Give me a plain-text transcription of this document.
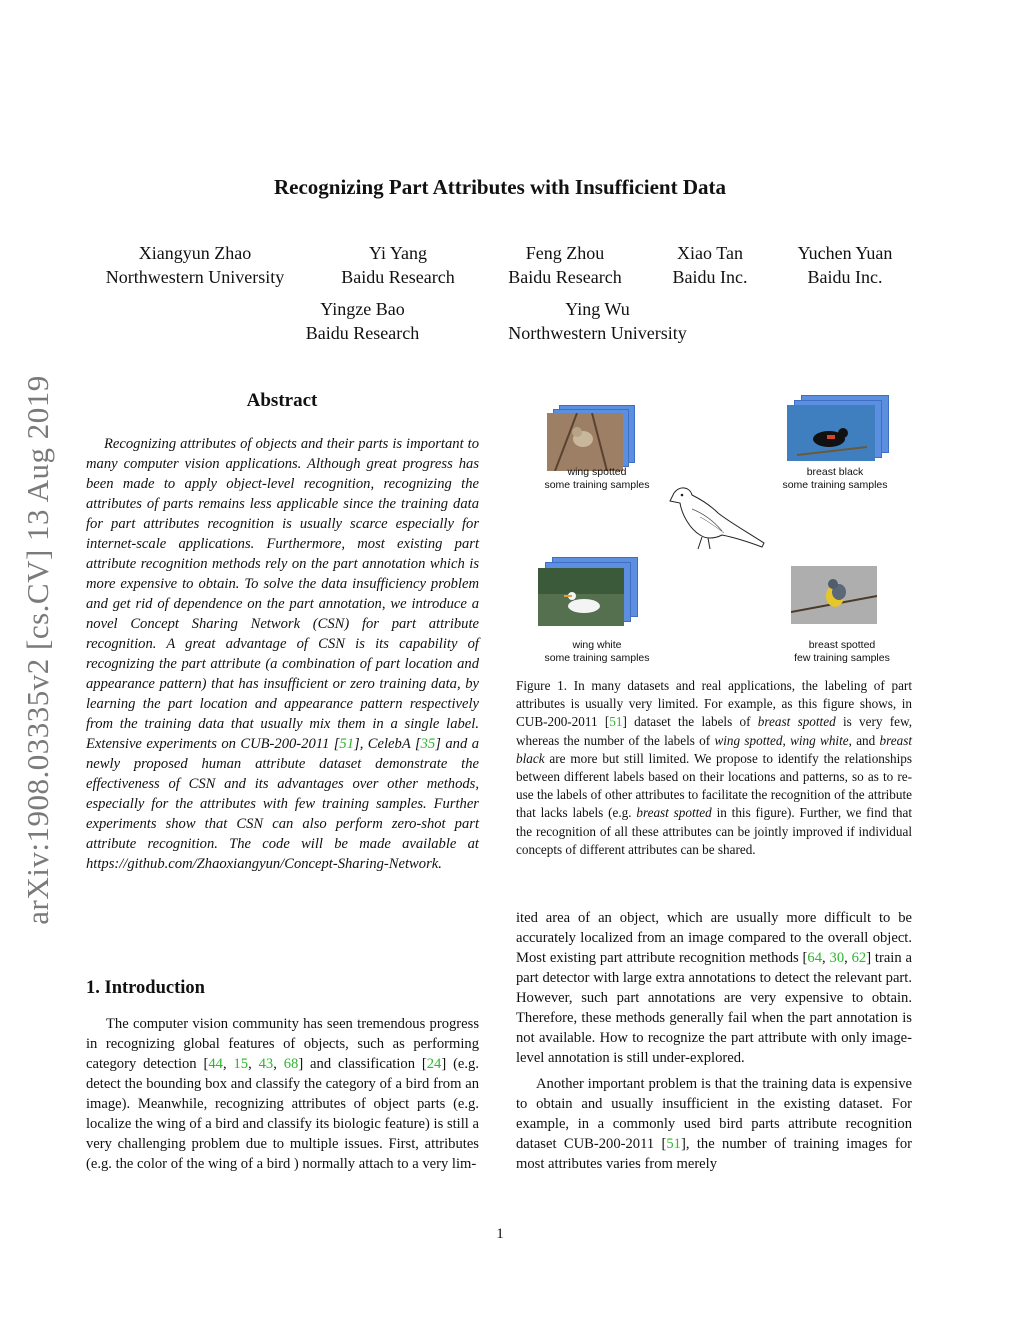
arXiv:1908.03335v2 [cs.CV] 13 Aug 2019
Recognizing Part Attributes with Insufficient Data
Xiangyun Zhao
Northwestern University
Yi Yang
Baidu Research
Feng Zhou
Baidu Research
Xiao Tan
Baidu Inc.
Yuchen Yuan
Baidu Inc.
Yingze Bao
Baidu Research
Ying Wu
Northwestern University
Abstract

Recognizing attributes of objects and their parts is important to many computer vision applications. Although great progress has been made to apply object-level recognition, recognizing the attributes of parts remains less applicable since the training data for part attributes recognition is usually scarce especially for internet-scale applications. Furthermore, most existing part attribute recognition methods rely on the part annotation which is more expensive to obtain. To solve the data insufficiency problem and get rid of dependence on the part annotation, we introduce a novel Concept Sharing Network (CSN) for part attribute recognition. A great advantage of CSN is its capability of recognizing the part attribute (a combination of part location and appearance pattern) that has insufficient or zero training data, by learning the part location and appearance pattern respectively from the training data that usually mix them in a single label. Extensive experiments on CUB-200-2011 [51], CelebA [35] and a newly proposed human attribute dataset demonstrate the effectiveness of CSN and its advantages over other methods, especially for the attributes with few training samples. Further experiments show that CSN can also perform zero-shot part attribute recognition. The code will be made available at https://github.com/Zhaoxiangyun/Concept-Sharing-Network.

1. Introduction

The computer vision community has seen tremendous progress in recognizing global features of objects, such as performing category detection [44, 15, 43, 68] and classification [24] (e.g. detect the bounding box and classify the category of a bird from an image). Meanwhile, recognizing attributes of object parts (e.g. localize the wing of a bird and classify its biologic feature) is still a very challenging problem due to multiple issues. First, attributes (e.g. the color of the wing of a bird ) normally attach to a very lim-

wing spotted
some training samples
breast black
some training samples
wing white
some training samples
breast spotted
few training samples
Figure 1. In many datasets and real applications, the labeling of part attributes is usually very limited. For example, as this figure shows, in CUB-200-2011 [51] dataset the labels of breast spotted is very few, whereas the number of the labels of wing spotted, wing white, and breast black are more but still limited. We propose to identify the relationships between different labels based on their locations and patterns, so as to re-use the labels of other attributes to facilitate the recognition of the attribute that lacks labels (e.g. breast spotted in this figure). Further, we find that the recognition of all these attributes can be jointly improved if individual concepts of different attributes can be shared.

ited area of an object, which are usually more difficult to be accurately localized from an image compared to the overall object. Most existing part attribute recognition methods [64, 30, 62] train a part detector with large extra annotations to detect the relevant part. However, such part annotations are very expensive to obtain. Therefore, these methods generally fail when the part annotation is not available. How to recognize the part attribute with only image-level annotation is still under-explored.

Another important problem is that the training data is expensive to obtain and usually insufficient in the existing dataset. For example, in a commonly used bird parts attribute recognition dataset CUB-200-2011 [51], the number of training images for most attributes varies from merely

1
